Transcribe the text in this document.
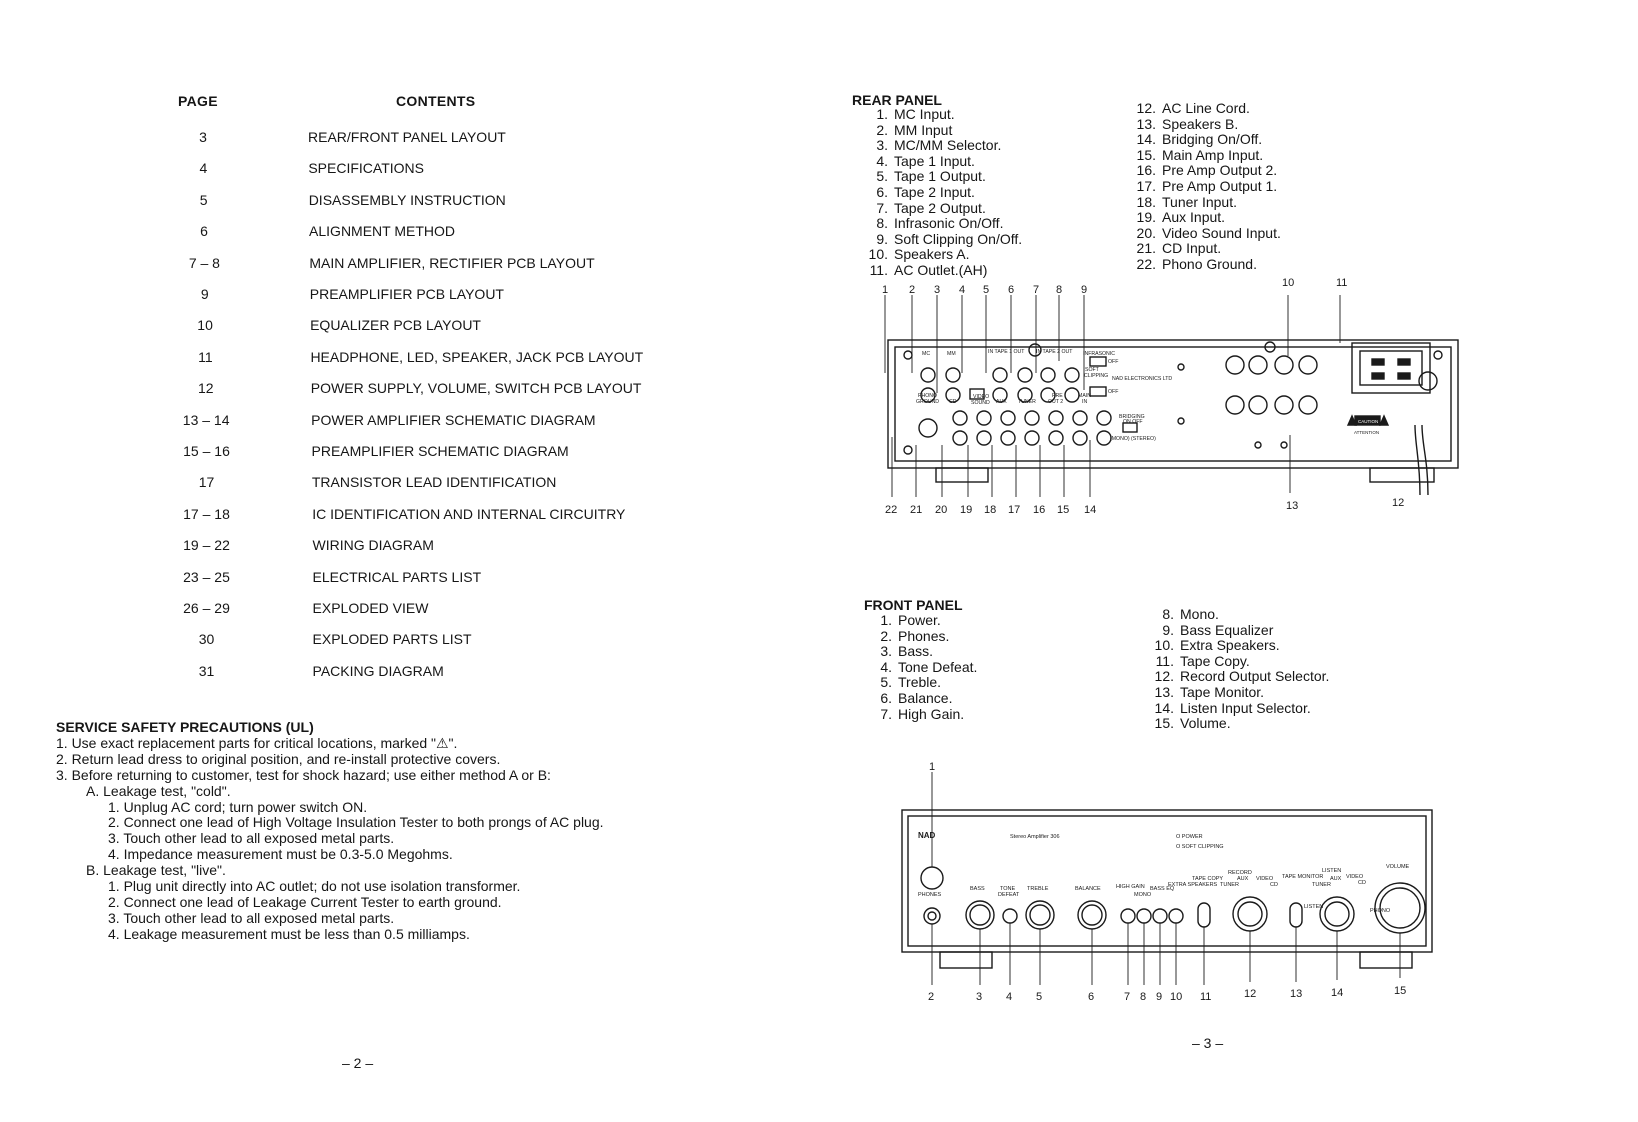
PAGE	CONTENTS
3	REAR/FRONT PANEL LAYOUT
4	SPECIFICATIONS
5	DISASSEMBLY INSTRUCTION
6	ALIGNMENT METHOD
7 – 8	MAIN AMPLIFIER, RECTIFIER PCB LAYOUT
9	PREAMPLIFIER PCB LAYOUT
10	EQUALIZER PCB LAYOUT
11	HEADPHONE, LED, SPEAKER, JACK PCB LAYOUT
12	POWER SUPPLY, VOLUME, SWITCH PCB LAYOUT
13 – 14	POWER AMPLIFIER SCHEMATIC DIAGRAM
15 – 16	PREAMPLIFIER SCHEMATIC DIAGRAM
17	TRANSISTOR LEAD IDENTIFICATION
17 – 18	IC IDENTIFICATION AND INTERNAL CIRCUITRY
19 – 22	WIRING DIAGRAM
23 – 25	ELECTRICAL PARTS LIST
26 – 29	EXPLODED VIEW
30	EXPLODED PARTS LIST
31	PACKING DIAGRAM
SERVICE SAFETY PRECAUTIONS (UL)
1. Use exact replacement parts for critical locations, marked "⚠".
2. Return lead dress to original position, and re-install protective covers.
3. Before returning to customer, test for shock hazard; use either method A or B:
A. Leakage test, "cold".
1. Unplug AC cord; turn power switch ON.
2. Connect one lead of High Voltage Insulation Tester to both prongs of AC plug.
3. Touch other lead to all exposed metal parts.
4. Impedance measurement must be 0.3-5.0 Megohms.
B. Leakage test, "live".
1. Plug unit directly into AC outlet; do not use isolation transformer.
2. Connect one lead of Leakage Current Tester to earth ground.
3. Touch other lead to all exposed metal parts.
4. Leakage measurement must be less than 0.5 milliamps.
– 2 –
REAR PANEL
1. MC Input.
2. MM Input
3. MC/MM Selector.
4. Tape 1 Input.
5. Tape 1 Output.
6. Tape 2 Input.
7. Tape 2 Output.
8. Infrasonic On/Off.
9. Soft Clipping On/Off.
10. Speakers A.
11. AC Outlet.(AH)
12. AC Line Cord.
13. Speakers B.
14. Bridging On/Off.
15. Main Amp Input.
16. Pre Amp Output 2.
17. Pre Amp Output 1.
18. Tuner Input.
19. Aux Input.
20. Video Sound Input.
21. CD Input.
22. Phono Ground.
MC	MM	IN TAPE 1 OUT IN TAPE 2 OUT INFRASONIC
SOFT
CLIPPING
OFF
OFF
NAD ELECTRONICS LTD
PHONO
GROUND CD
VIDEO
SOUND AUX TUNER
PRE
OUT 2
MAIN
IN
BRIDGING
ON OFF
(MONO) (STEREO)
CAUTION
ATTENTION
1 2 3 4 5 6 7 8 9
10	11
22 21 20 19 18 17 16 15 14	13	12
FRONT PANEL
1. Power.
2. Phones.
3. Bass.
4. Tone Defeat.
5. Treble.
6. Balance.
7. High Gain.
8. Mono.
9. Bass Equalizer
10. Extra Speakers.
11. Tape Copy.
12. Record Output Selector.
13. Tape Monitor.
14. Listen Input Selector.
15. Volume.
NAD	Stereo Amplifier 306	O POWER
O SOFT CLIPPING
PHONES
BASS	TONE
DEFEAT
TREBLE	BALANCE	HIGH GAIN
MONO
BASS EQ
EXTRA SPEAKERS
TAPE COPY
RECORD
TAPE MONITOR
LISTEN
VOLUME
TUNER
AUX VIDEO
CD	TUNER
AUX VIDEO
CD
LISTEN
PHONO
1
2	3 4 5	6	7 8 9 10 11	12	13	14	15
– 3 –
